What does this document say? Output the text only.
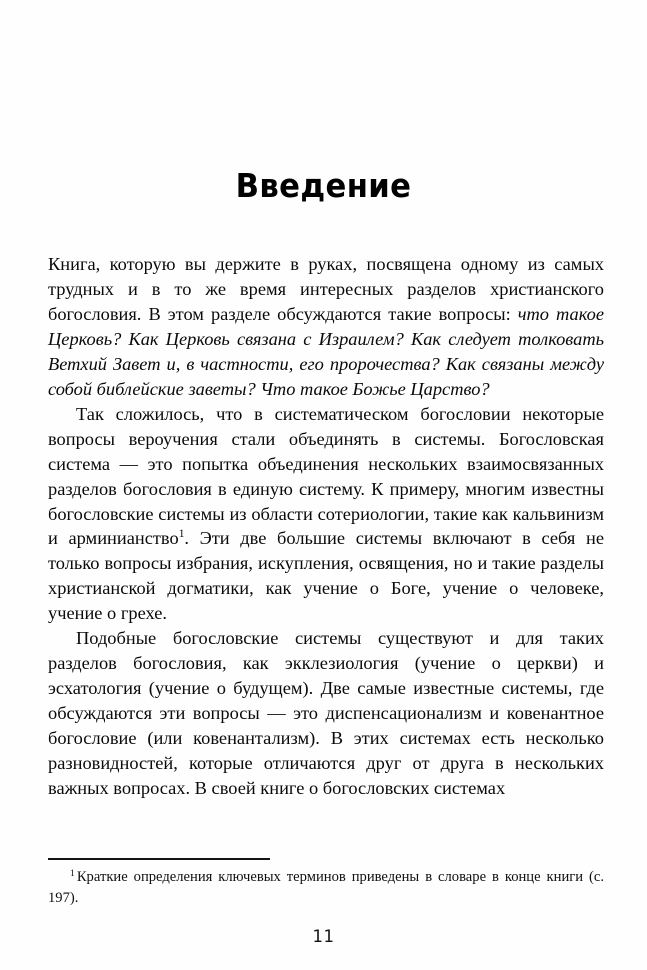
Введение

Книга, которую вы держите в руках, посвящена одному из самых трудных и в то же время интересных разделов христианского богословия. В этом разделе обсуждаются такие вопросы: что такое Церковь? Как Церковь связана с Израилем? Как следует толковать Ветхий Завет и, в частности, его пророчества? Как связаны между собой библейские заветы? Что такое Божье Царство?

Так сложилось, что в систематическом богословии некоторые вопросы вероучения стали объединять в системы. Богословская система — это попытка объединения нескольких взаимосвязанных разделов богословия в единую систему. К примеру, многим известны богословские системы из области сотериологии, такие как кальвинизм и арминианство$^1$. Эти две большие системы включают в себя не только вопросы избрания, искупления, освящения, но и такие разделы христианской догматики, как учение о Боге, учение о человеке, учение о грехе.

Подобные богословские системы существуют и для таких разделов богословия, как экклезиология (учение о церкви) и эсхатология (учение о будущем). Две самые известные системы, где обсуждаются эти вопросы — это диспенсационализм и ковенантное богословие (или ковенантализм). В этих системах есть несколько разновидностей, которые отличаются друг от друга в нескольких важных вопросах. В своей книге о богословских системах

$^1$ Краткие определения ключевых терминов приведены в словаре в конце книги (с. 197).

11
